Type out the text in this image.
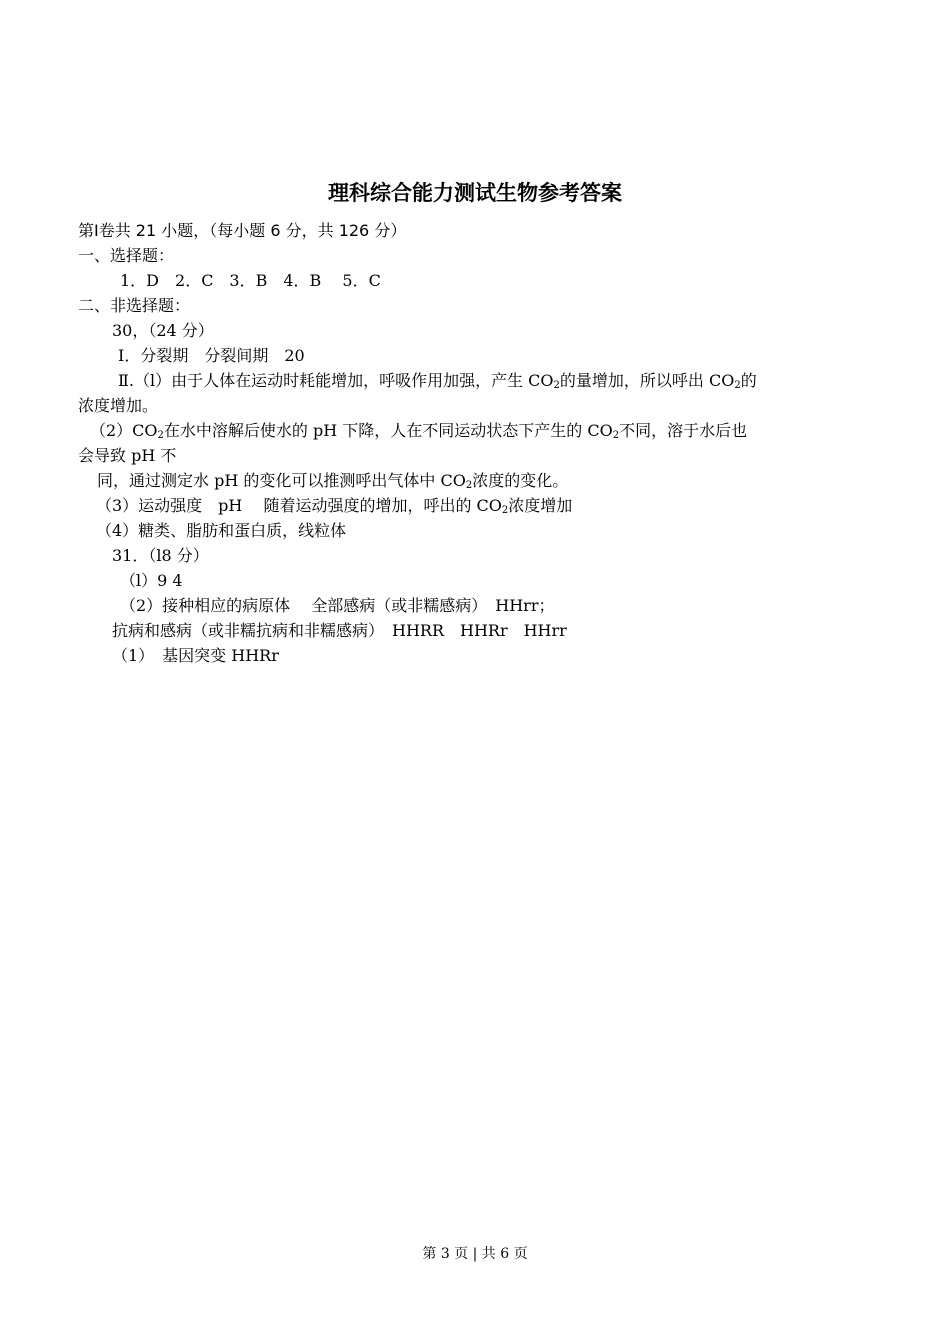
理科综合能力测试生物参考答案
第Ⅰ卷共 21 小题，（每小题 6 分，共 126 分）
一、选择题：
1．D　2．C　3．B　4．B　 5．C
二、非选择题：
30，（24 分）
Ⅰ．分裂期　分裂间期　20
Ⅱ.（l）由于人体在运动时耗能增加，呼吸作用加强，产生 $CO_2$的量增加，所以呼出 $CO_2$的
浓度增加。
$(2)CO_2$在水中溶解后使水的 pH 下降，人在不同运动状态下产生的 $CO_2$不同，溶于水后也
会导致 pH 不
同，通过测定水 pH 的变化可以推测呼出气体中 $CO_2$浓度的变化。
（3）运动强度　pH　 随着运动强度的增加，呼出的 $CO_2$浓度增加
（4）糖类、脂肪和蛋白质，线粒体
31．（l8 分）
（l）9 4
（2）接种相应的病原体　 全部感病（或非糯感病）　HHrr；
抗病和感病（或非糯抗病和非糯感病）　HHRR　HHRr　HHrr
（1）　基因突变 HHRr
第 3 页 | 共 6 页
